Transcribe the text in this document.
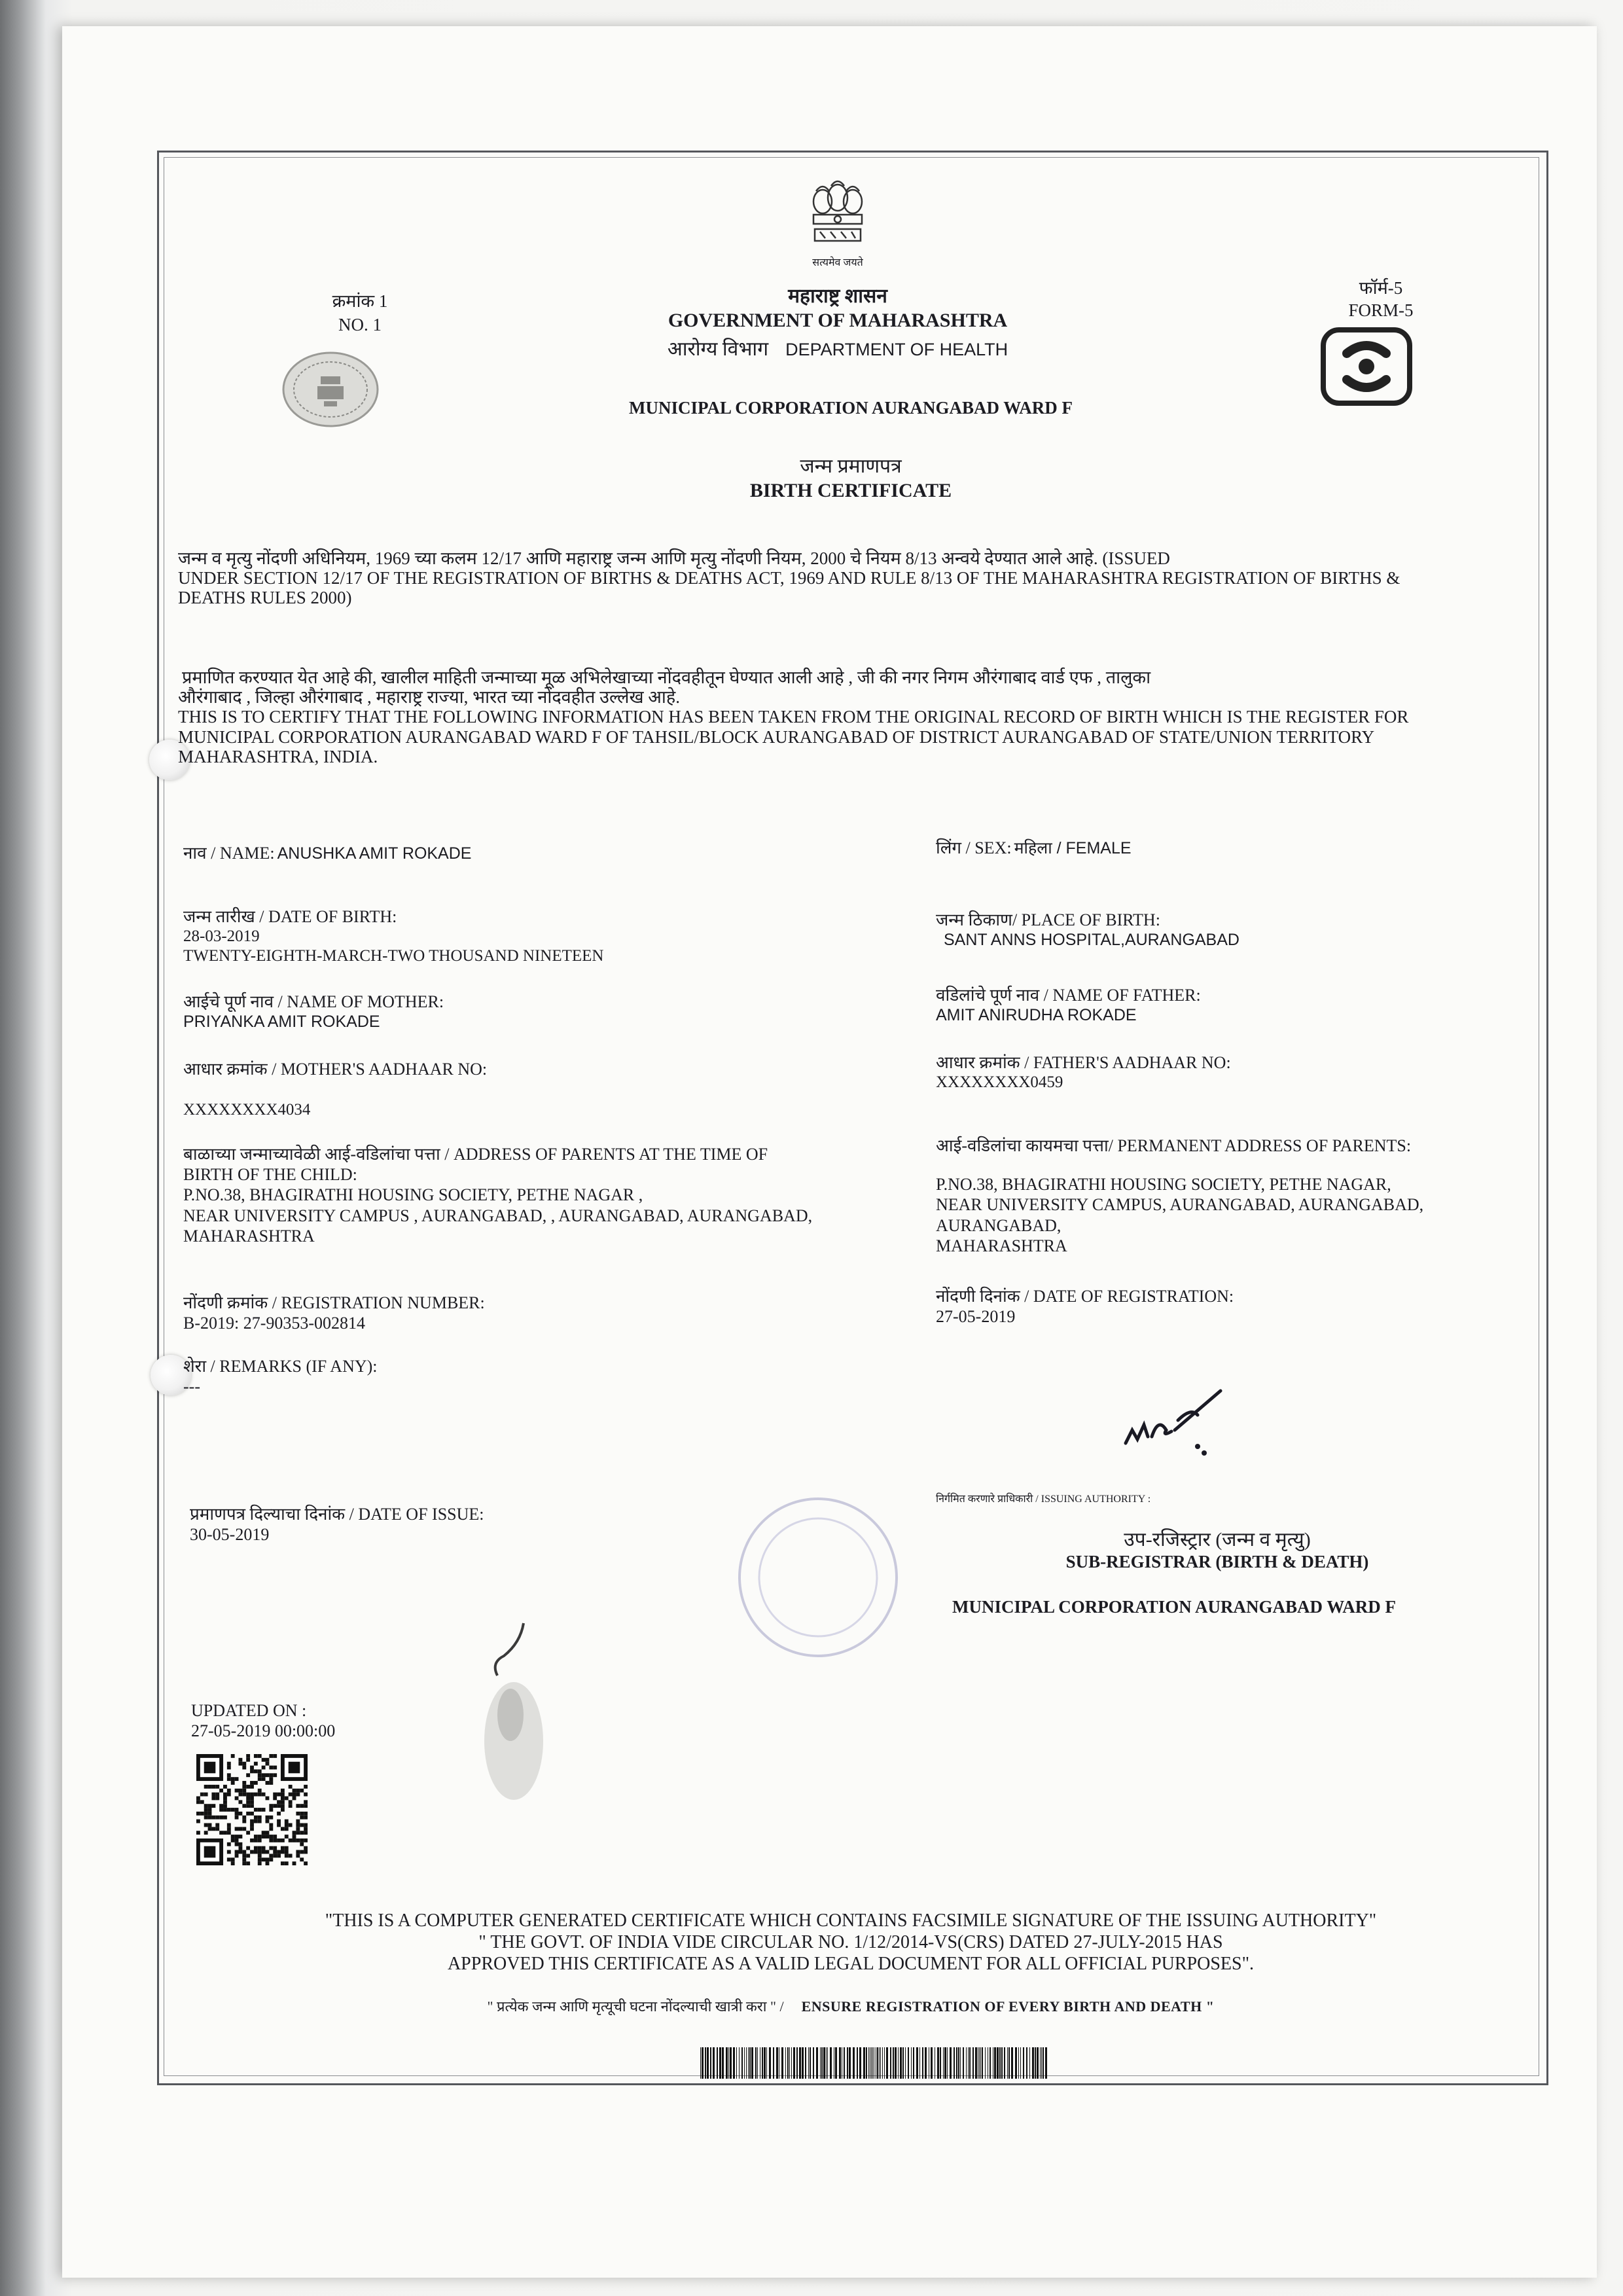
सत्यमेव जयते
क्रमांक 1
NO. 1
महाराष्ट्र शासन
GOVERNMENT OF MAHARASHTRA
आरोग्य विभाग DEPARTMENT OF HEALTH
फॉर्म-5
FORM-5
MUNICIPAL CORPORATION AURANGABAD WARD F
जन्म प्रमाणपत्र
BIRTH CERTIFICATE
जन्म व मृत्यु नोंदणी अधिनियम, 1969 च्या कलम 12/17 आणि महाराष्ट्र जन्म आणि मृत्यु नोंदणी नियम, 2000 चे नियम 8/13 अन्वये देण्यात आले आहे. (ISSUED
UNDER SECTION 12/17 OF THE REGISTRATION OF BIRTHS & DEATHS ACT, 1969 AND RULE 8/13 OF THE MAHARASHTRA REGISTRATION OF BIRTHS &
DEATHS RULES 2000)
प्रमाणित करण्यात येत आहे की, खालील माहिती जन्माच्या मूळ अभिलेखाच्या नोंदवहीतून घेण्यात आली आहे , जी की नगर निगम औरंगाबाद वार्ड एफ , तालुका
औरंगाबाद , जिल्हा औरंगाबाद , महाराष्ट्र राज्या, भारत च्या नोंदवहीत उल्लेख आहे.
THIS IS TO CERTIFY THAT THE FOLLOWING INFORMATION HAS BEEN TAKEN FROM THE ORIGINAL RECORD OF BIRTH WHICH IS THE REGISTER FOR
MUNICIPAL CORPORATION AURANGABAD WARD F OF TAHSIL/BLOCK AURANGABAD OF DISTRICT AURANGABAD OF STATE/UNION TERRITORY
MAHARASHTRA, INDIA.
नाव / NAME: ANUSHKA AMIT ROKADE
जन्म तारीख / DATE OF BIRTH:
28-03-2019
TWENTY-EIGHTH-MARCH-TWO THOUSAND NINETEEN
आईचे पूर्ण नाव / NAME OF MOTHER:
PRIYANKA AMIT ROKADE
आधार क्रमांक / MOTHER'S AADHAAR NO:
XXXXXXXX4034
बाळाच्या जन्माच्यावेळी आई-वडिलांचा पत्ता / ADDRESS OF PARENTS AT THE TIME OF
BIRTH OF THE CHILD:
P.NO.38, BHAGIRATHI HOUSING SOCIETY, PETHE NAGAR ,
NEAR UNIVERSITY CAMPUS , AURANGABAD, , AURANGABAD, AURANGABAD,
MAHARASHTRA
नोंदणी क्रमांक / REGISTRATION NUMBER:
B-2019: 27-90353-002814
शेरा / REMARKS (IF ANY):
---
प्रमाणपत्र दिल्याचा दिनांक / DATE OF ISSUE:
30-05-2019
UPDATED ON :
27-05-2019 00:00:00
लिंग / SEX: महिला / FEMALE
जन्म ठिकाण/ PLACE OF BIRTH:
SANT ANNS HOSPITAL,AURANGABAD
वडिलांचे पूर्ण नाव / NAME OF FATHER:
AMIT ANIRUDHA ROKADE
आधार क्रमांक / FATHER'S AADHAAR NO:
XXXXXXXX0459
आई-वडिलांचा कायमचा पत्ता/ PERMANENT ADDRESS OF PARENTS:
P.NO.38, BHAGIRATHI HOUSING SOCIETY, PETHE NAGAR,
NEAR UNIVERSITY CAMPUS, AURANGABAD, AURANGABAD,
AURANGABAD,
MAHARASHTRA
नोंदणी दिनांक / DATE OF REGISTRATION:
27-05-2019
निर्गमित करणारे प्राधिकारी / ISSUING AUTHORITY :
उप-रजिस्ट्रार (जन्म व मृत्यु)
SUB-REGISTRAR (BIRTH & DEATH)
MUNICIPAL CORPORATION AURANGABAD WARD F
"THIS IS A COMPUTER GENERATED CERTIFICATE WHICH CONTAINS FACSIMILE SIGNATURE OF THE ISSUING AUTHORITY"
" THE GOVT. OF INDIA VIDE CIRCULAR NO. 1/12/2014-VS(CRS) DATED 27-JULY-2015 HAS
APPROVED THIS CERTIFICATE AS A VALID LEGAL DOCUMENT FOR ALL OFFICIAL PURPOSES".
" प्रत्येक जन्म आणि मृत्यूची घटना नोंदल्याची खात्री करा " / ENSURE REGISTRATION OF EVERY BIRTH AND DEATH "
